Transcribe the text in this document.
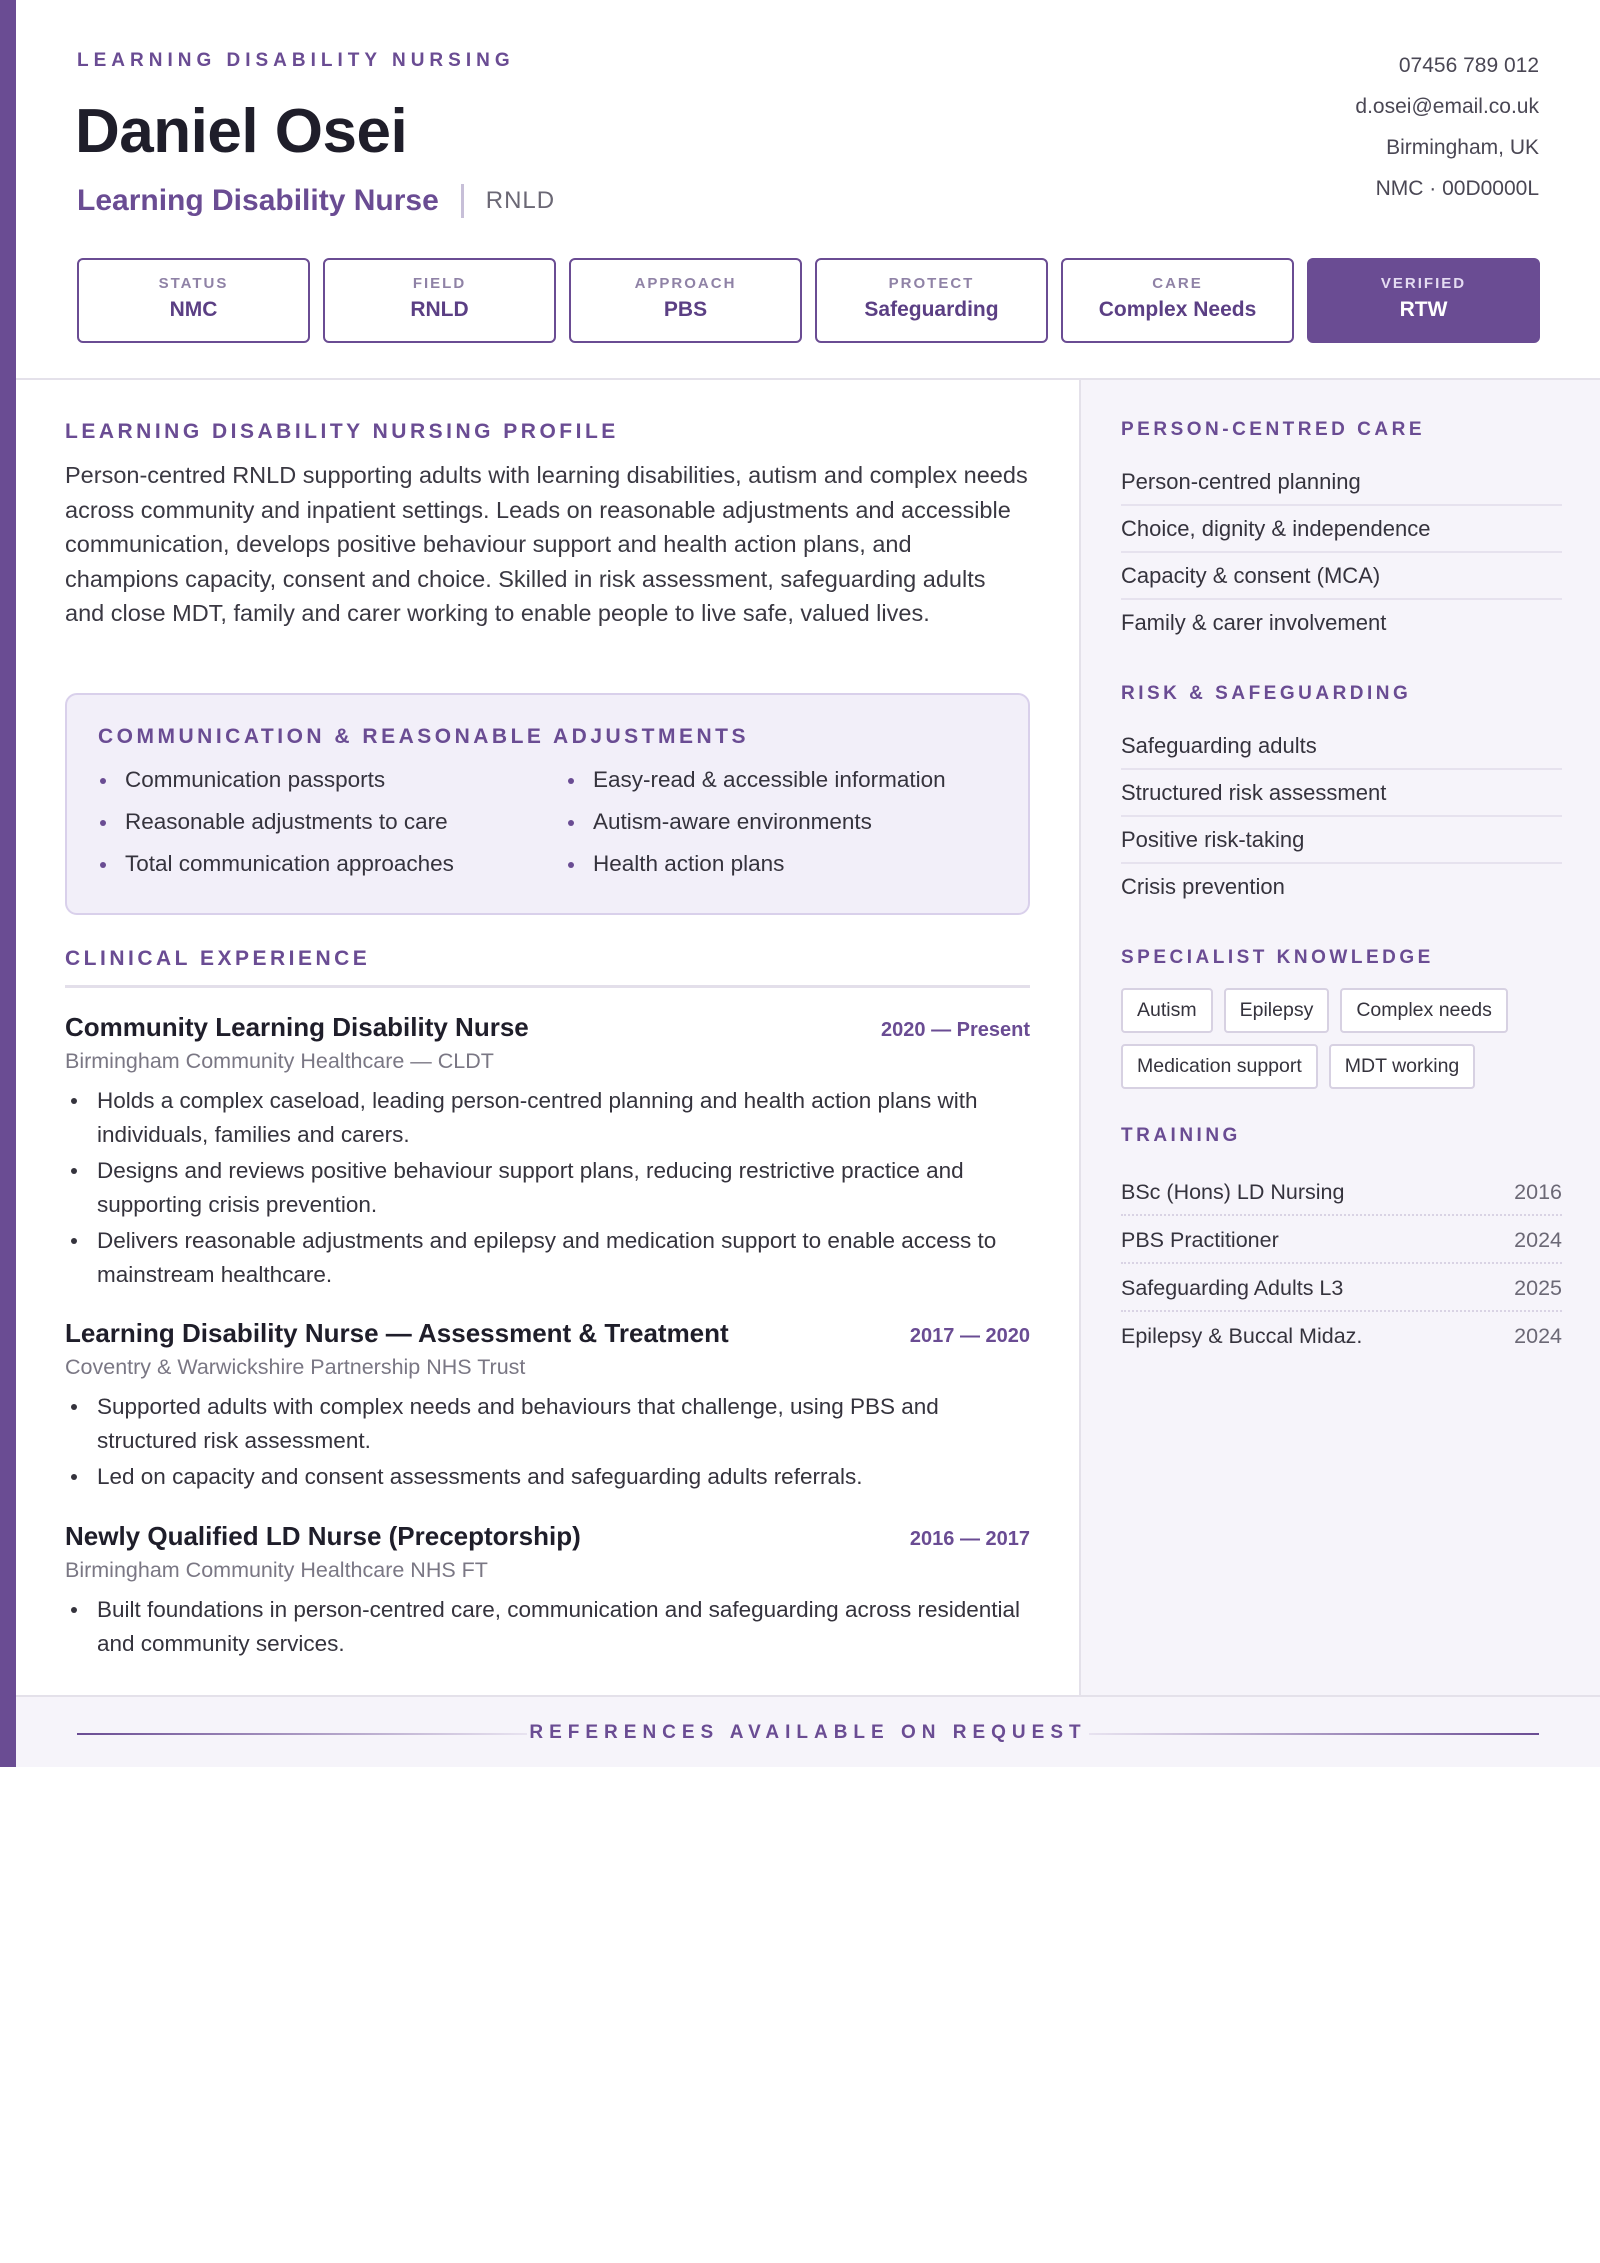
LEARNING DISABILITY NURSING
Daniel Osei
Learning Disability Nurse RNLD
07456 789 012
d.osei@email.co.uk
Birmingham, UK
NMC · 00D0000L
STATUS
NMC
FIELD
RNLD
APPROACH
PBS
PROTECT
Safeguarding
CARE
Complex Needs
VERIFIED
RTW
LEARNING DISABILITY NURSING PROFILE
Person-centred RNLD supporting adults with learning disabilities, autism and complex needs across community and inpatient settings. Leads on reasonable adjustments and accessible communication, develops positive behaviour support and health action plans, and champions capacity, consent and choice. Skilled in risk assessment, safeguarding adults and close MDT, family and carer working to enable people to live safe, valued lives.
COMMUNICATION & REASONABLE ADJUSTMENTS
Communication passports	Easy-read & accessible information
Reasonable adjustments to care	Autism-aware environments
Total communication approaches	Health action plans
CLINICAL EXPERIENCE
Community Learning Disability Nurse	2020 — Present
Birmingham Community Healthcare — CLDT
Holds a complex caseload, leading person-centred planning and health action plans with individuals, families and carers.
Designs and reviews positive behaviour support plans, reducing restrictive practice and supporting crisis prevention.
Delivers reasonable adjustments and epilepsy and medication support to enable access to mainstream healthcare.
Learning Disability Nurse — Assessment & Treatment	2017 — 2020
Coventry & Warwickshire Partnership NHS Trust
Supported adults with complex needs and behaviours that challenge, using PBS and structured risk assessment.
Led on capacity and consent assessments and safeguarding adults referrals.
Newly Qualified LD Nurse (Preceptorship)	2016 — 2017
Birmingham Community Healthcare NHS FT
Built foundations in person-centred care, communication and safeguarding across residential and community services.
PERSON-CENTRED CARE
Person-centred planning
Choice, dignity & independence
Capacity & consent (MCA)
Family & carer involvement
RISK & SAFEGUARDING
Safeguarding adults
Structured risk assessment
Positive risk-taking
Crisis prevention
SPECIALIST KNOWLEDGE
Autism	Epilepsy	Complex needs
Medication support	MDT working
TRAINING
BSc (Hons) LD Nursing	2016
PBS Practitioner	2024
Safeguarding Adults L3	2025
Epilepsy & Buccal Midaz.	2024
REFERENCES AVAILABLE ON REQUEST
